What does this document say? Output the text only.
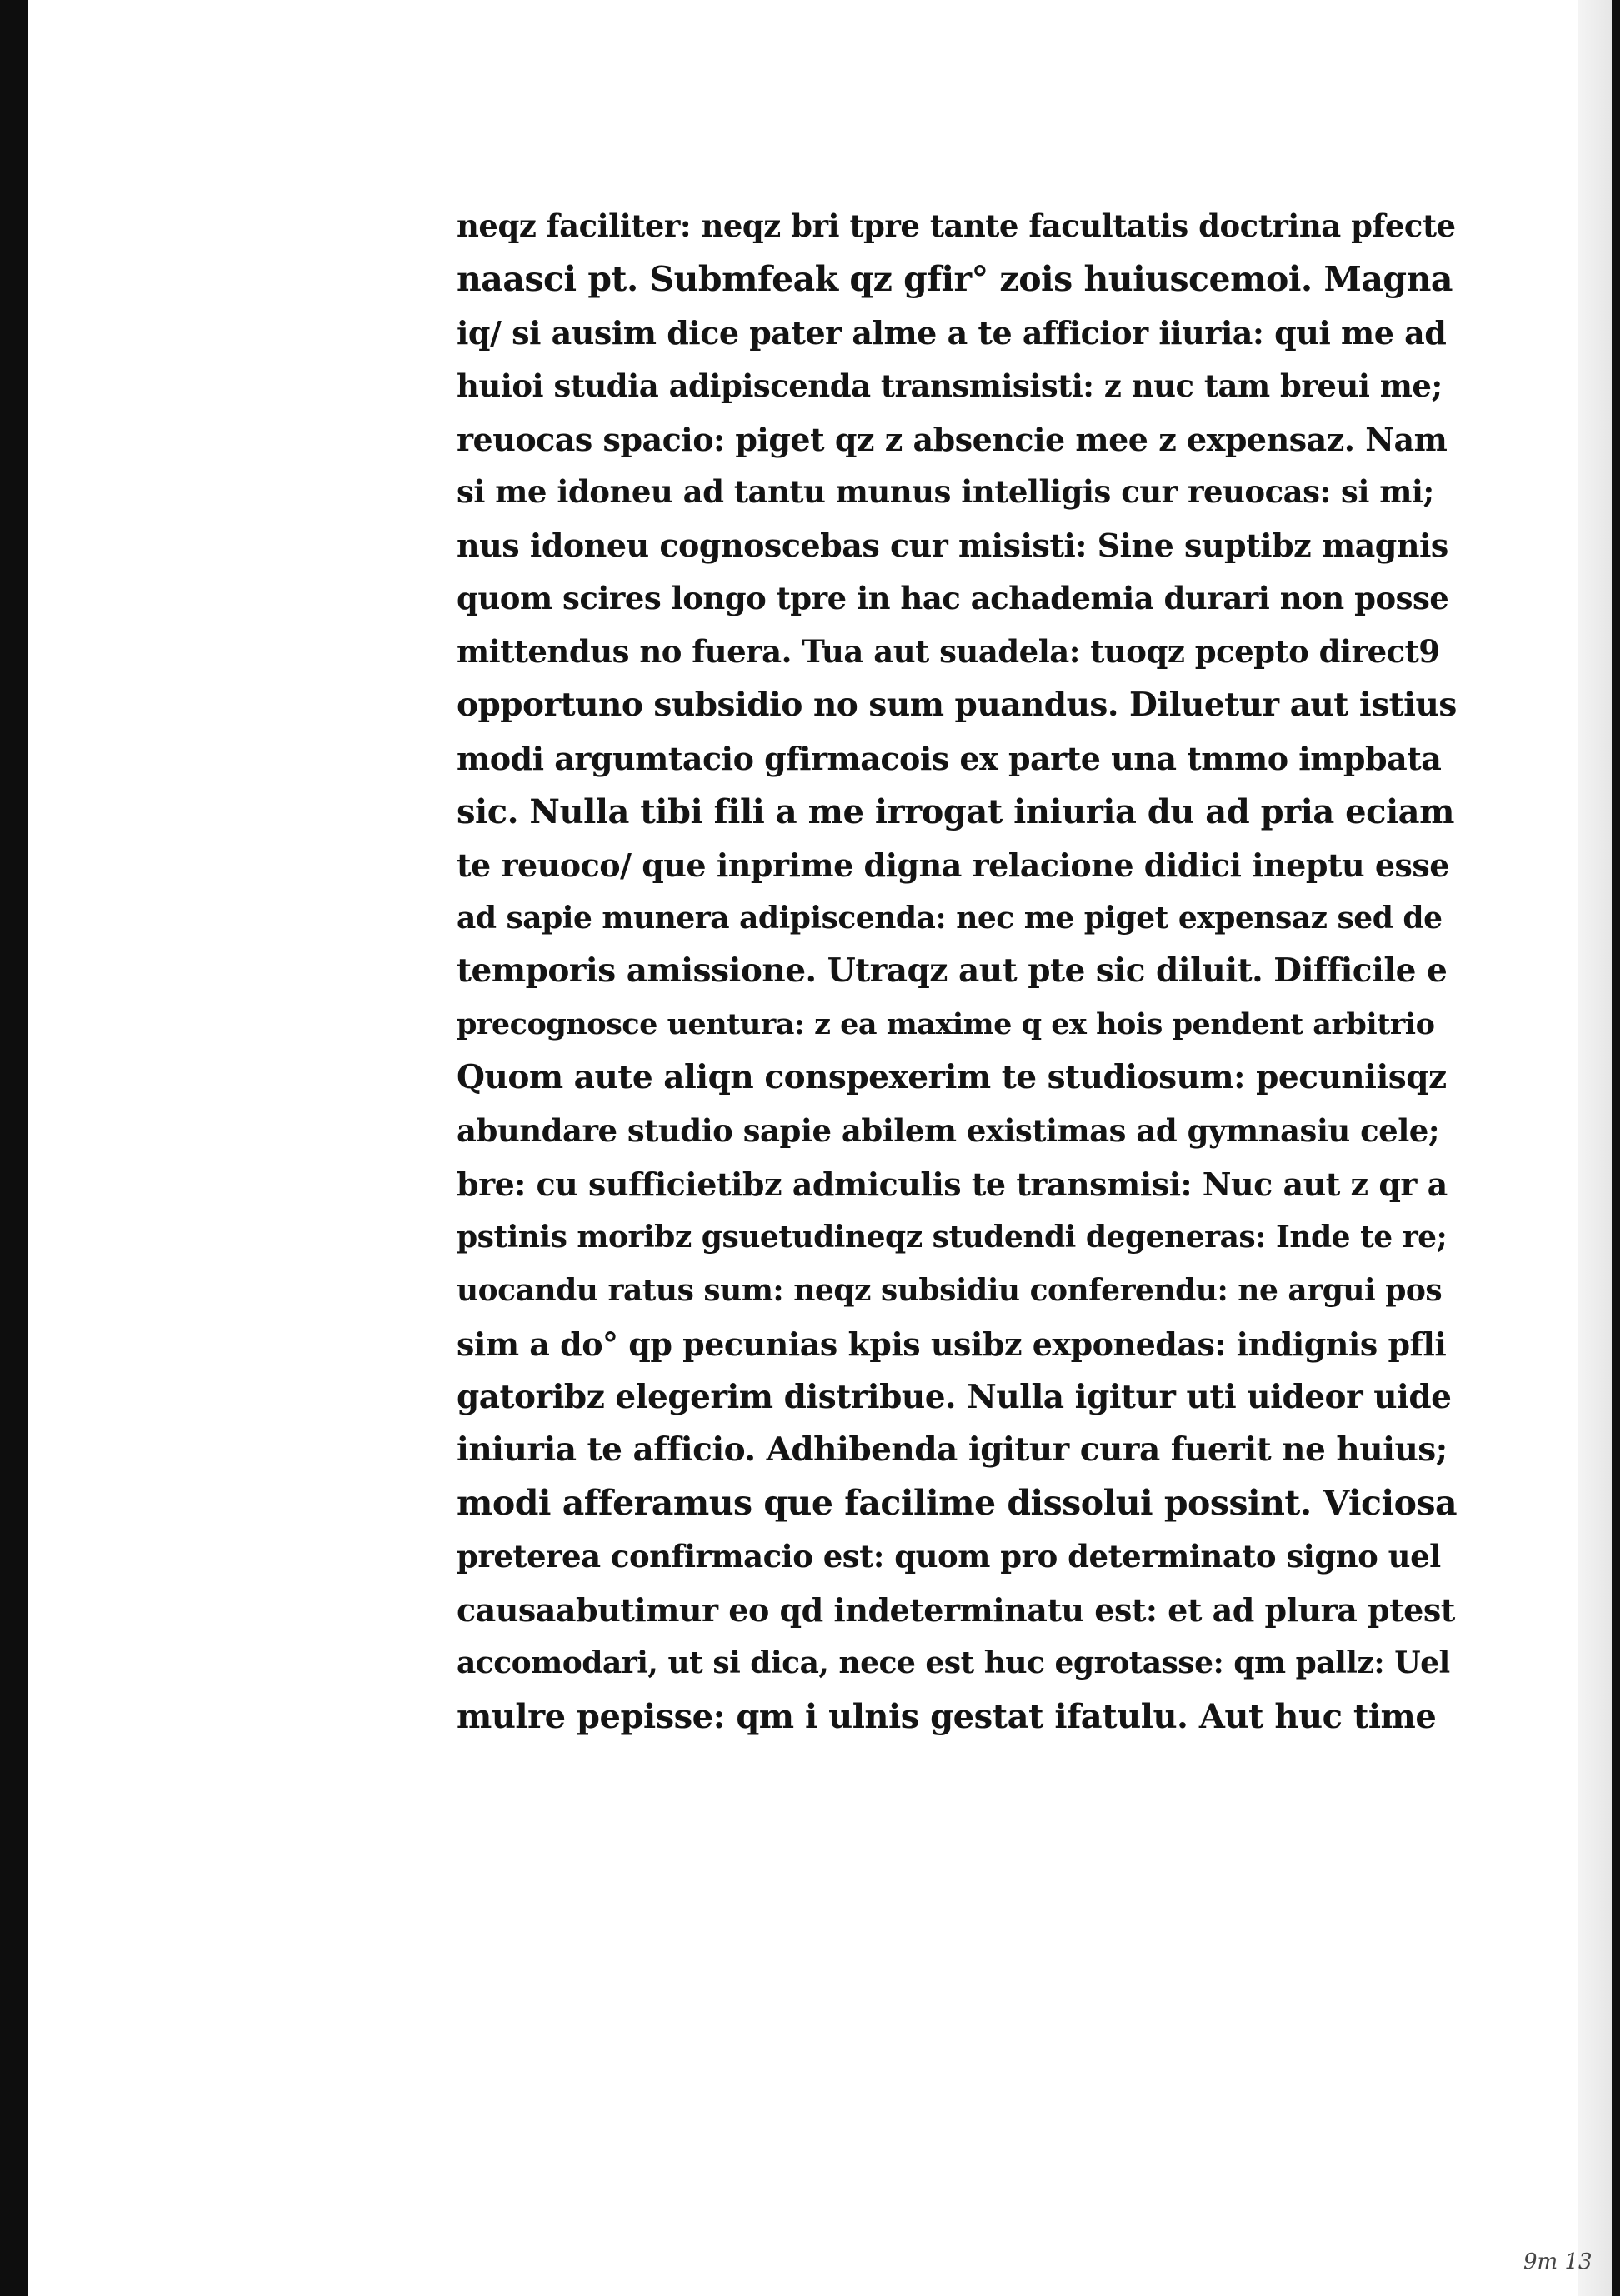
neqz faciliter: neqz bri tpre tante facultatis doctrina pfecte
naasci pt. Submfeak qz gfir° zois huiuscemoi. Magna
iq/ si ausim dice pater alme a te afficior iiuria: qui me ad
huioi studia adipiscenda transmisisti: z nuc tam breui me;
reuocas spacio: piget qz z absencie mee z expensaz. Nam
si me idoneu ad tantu munus intelligis cur reuocas: si mi;
nus idoneu cognoscebas cur misisti: Sine suptibz magnis
quom scires longo tpre in hac achademia durari non posse
mittendus no fuera. Tua aut suadela: tuoqz pcepto direct9
opportuno subsidio no sum puandus. Diluetur aut istius
modi argumtacio gfirmacois ex parte una tmmo impbata
sic. Nulla tibi fili a me irrogat iniuria du ad pria eciam
te reuoco/ que inprime digna relacione didici ineptu esse
ad sapie munera adipiscenda: nec me piget expensaz sed de
temporis amissione. Utraqz aut pte sic diluit. Difficile e
precognosce uentura: z ea maxime q ex hois pendent arbitrio
Quom aute aliqn conspexerim te studiosum: pecuniisqz
abundare studio sapie abilem existimas ad gymnasiu cele;
bre: cu sufficietibz admiculis te transmisi: Nuc aut z qr a
pstinis moribz gsuetudineqz studendi degeneras: Inde te re;
uocandu ratus sum: neqz subsidiu conferendu: ne argui pos
sim a do° qp pecunias kpis usibz exponedas: indignis pfli
gatoribz elegerim distribue. Nulla igitur uti uideor uide
iniuria te afficio. Adhibenda igitur cura fuerit ne huius;
modi afferamus que facilime dissolui possint. Viciosa
preterea confirmacio est: quom pro determinato signo uel
causaabutimur eo qd indeterminatu est: et ad plura ptest
accomodari, ut si dica, nece est huc egrotasse: qm pallz: Uel
mulre pepisse: qm i ulnis gestat ifatulu. Aut huc time
9m 13
